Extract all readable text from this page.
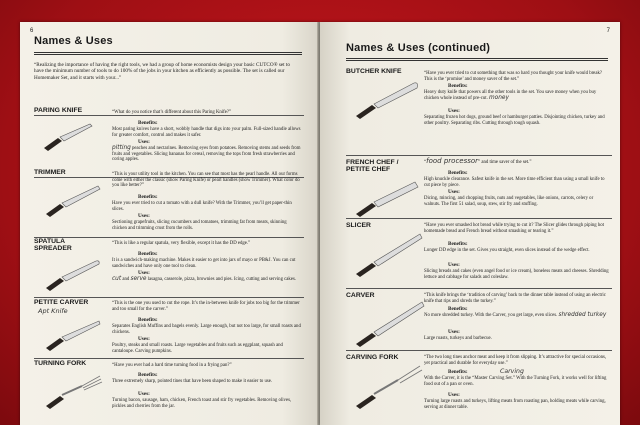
6
Names & Uses
“Realizing the importance of having the right tools, we had a group of home economists design your basic CUTCO® set to have the minimum number of tools to do 100% of the jobs in your kitchen as efficiently as possible. The set is called our Homemaker Set, and it starts with your...”
PARING KNIFE	“What do you notice that’s different about this Paring Knife?”
Benefits:
Most paring knives have a short, wobbly handle that digs into your palm. Full-sized handle allows for greater comfort, control and makes it safer.
Uses:
pitting peaches and nectarines. Removing eyes from potatoes. Removing stems and seeds from fruits and vegetables. Slicing bananas for cereal, removing the tops from fresh strawberries and coring apples.
TRIMMER	“This is your utility tool in the kitchen. You can see that most has the pearl handle. All our forms come with either the classic (show Paring Knife) or pearl handles (show Trimmer). What color do you like better?”
Benefits:
Have you ever tried to cut a tomato with a dull knife? With the Trimmer, you’ll get paper-thin slices.
Uses:
Sectioning grapefruits, slicing cucumbers and tomatoes, trimming fat from meats, skinning chicken and trimming crust from the rolls.
SPATULA SPREADER
“This is like a regular spatula, very flexible, except it has the DD edge.”
Benefits:
It is a sandwich-making machine. Makes it easier to get into jars of mayo or PB&J. You can cut sandwiches and have only one tool to clean.
Uses:
cut and serve lasagna, casserole, pizza, brownies and pies. Icing, cutting and serving cakes.
PETITE CARVER
Apt Knife
“This is the one you used to cut the rope. It’s the in-between knife for jobs too big for the trimmer and too small for the carver.”
Benefits:
Separates English Muffins and bagels evenly. Large enough, but not too large, for small roasts and chickens.
Uses:
Poultry, steaks and small roasts. Large vegetables and fruits such as eggplant, squash and cantaloupe. Carving pumpkins.
TURNING FORK	“Have you ever had a hard time turning food in a frying pan?”
Benefits:
Three extremely sharp, pointed tines that have been shaped to make it easier to use.
Uses:
Turning bacon, sausage, ham, chicken, French toast and stir fry vegetables. Removing olives, pickles and cherries from the jar.
7
Names & Uses (continued)
BUTCHER KNIFE	“Have you ever tried to cut something that was so hard you thought your knife would break? This is the ‘promise’ and money saver of the set.”
Benefits:
Heavy duty knife that powers all the other tools in the set. You save money when you buy chicken whole instead of pre-cut. money
Uses:
Separating frozen hot dogs, ground beef or hamburger patties. Disjointing chicken, turkey and other poultry. Separating ribs. Cutting through tough squash.
FRENCH CHEF / PETITE CHEF
“food processor” and time saver of the set.”
Benefits:
High knuckle clearance. Safest knife in the set. More time efficient than using a small knife to cut piece by piece.
Uses:
Dicing, mincing, and chopping fruits, nuts and vegetables, like onions, carrots, celery or walnuts. The first 51 salad, soup, stew, stir fry and stuffing.
SLICER	“Have you ever smashed hot bread while trying to cut it? The Slicer glides through piping hot homemade bread and French bread without smashing or tearing it.”
Benefits:
Longer DD edge in the set. Gives you straight, even slices instead of the wedge effect.
Uses:
Slicing breads and cakes (even angel food or ice cream), boneless meats and cheeses. Shredding lettuce and cabbage for salads and coleslaw.
CARVER	“This knife brings the ‘tradition of carving’ back to the dinner table instead of using an electric knife that rips and shreds the turkey.”
Benefits:
No more shredded turkey. With the Carver, you get large, even slices. shredded turkey
Uses:
Large roasts, turkeys and barbecue.
CARVING FORK	“The two long tines anchor meat and keep it from slipping. It’s attractive for special occasions, yet practical and durable for everyday use.”
Benefits:
With the Carver, it is the “Master Carving Set.” With the Turning Fork, it works well for lifting food out of a pan or oven.
Carving
Uses:
Turning large roasts and turkeys, lifting meats from roasting pan, holding meats while carving, serving at dinner table.
